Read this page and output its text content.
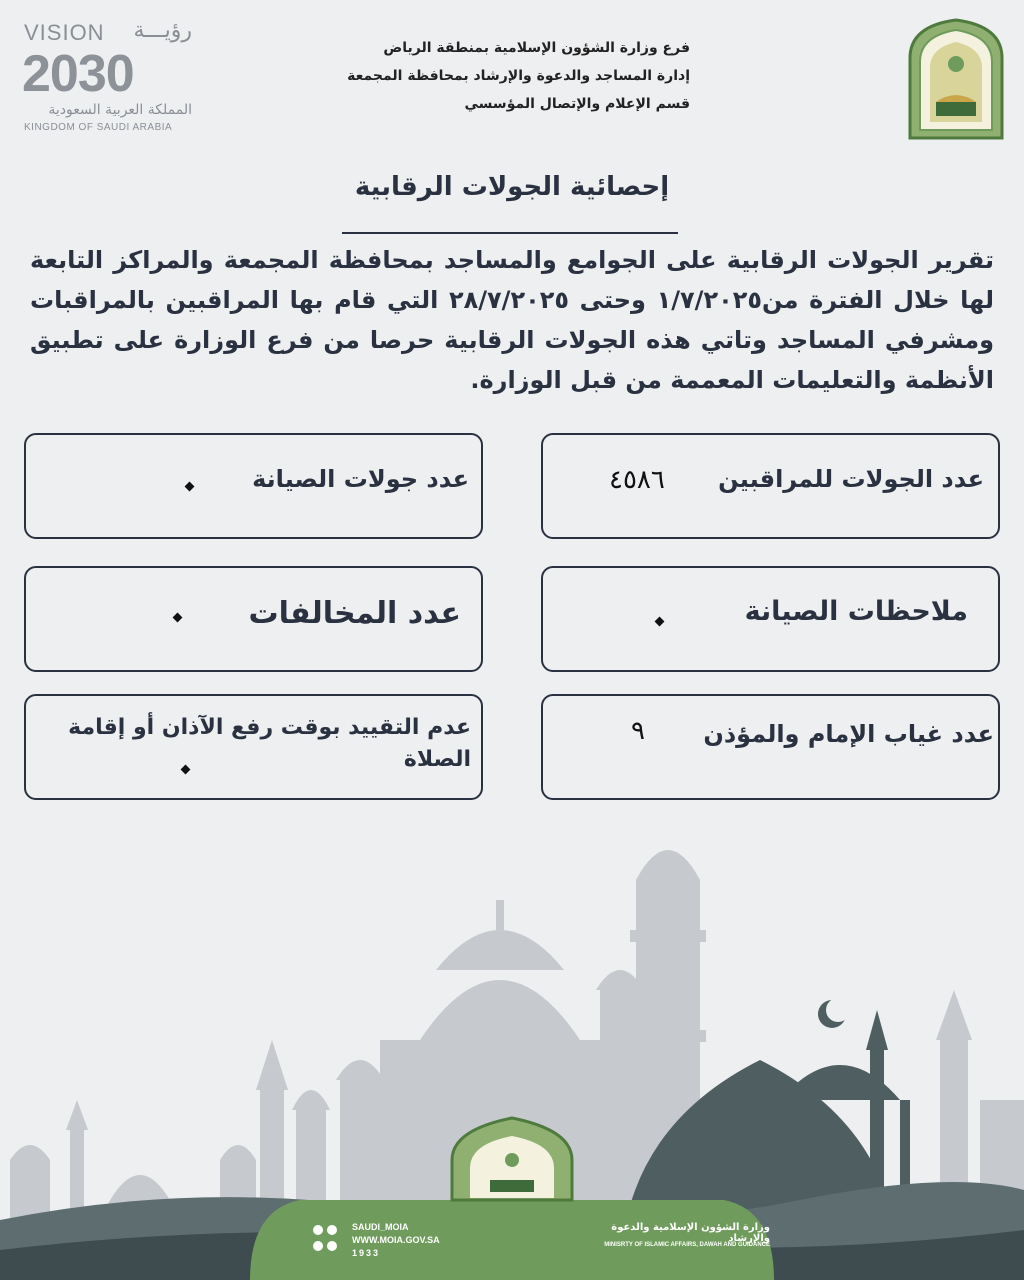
VISION رؤيـــة
2030
المملكة العربية السعودية
KINGDOM OF SAUDI ARABIA
فرع وزارة الشؤون الإسلامية بمنطقة الرياض
إدارة المساجد والدعوة والإرشاد بمحافظة المجمعة
قسم الإعلام والإتصال المؤسسي
إحصائية الجولات الرقابية
تقرير الجولات الرقابية على الجوامع والمساجد بمحافظة المجمعة والمراكز التابعة لها خلال الفترة من١/٧/٢٠٢٥ وحتى ٢٨/٧/٢٠٢٥ التي قام بها المراقبين بالمراقبات ومشرفي المساجد وتاتي هذه الجولات الرقابية حرصا من فرع الوزارة على تطبيق الأنظمة والتعليمات المعممة من قبل الوزارة.
عدد الجولات للمراقبين
٤٥٨٦
عدد جولات الصيانة
ملاحظات الصيانة
عدد المخالفات
عدد غياب الإمام والمؤذن
٩
عدم التقييد بوقت رفع الآذان أو إقامة الصلاة
SAUDI_MOIA
WWW.MOIA.GOV.SA
1933
وزارة الشؤون الإسلامية والدعوة والإرشاد
MINISRTY OF ISLAMIC AFFAIRS, DAWAH AND GUIDANCE
